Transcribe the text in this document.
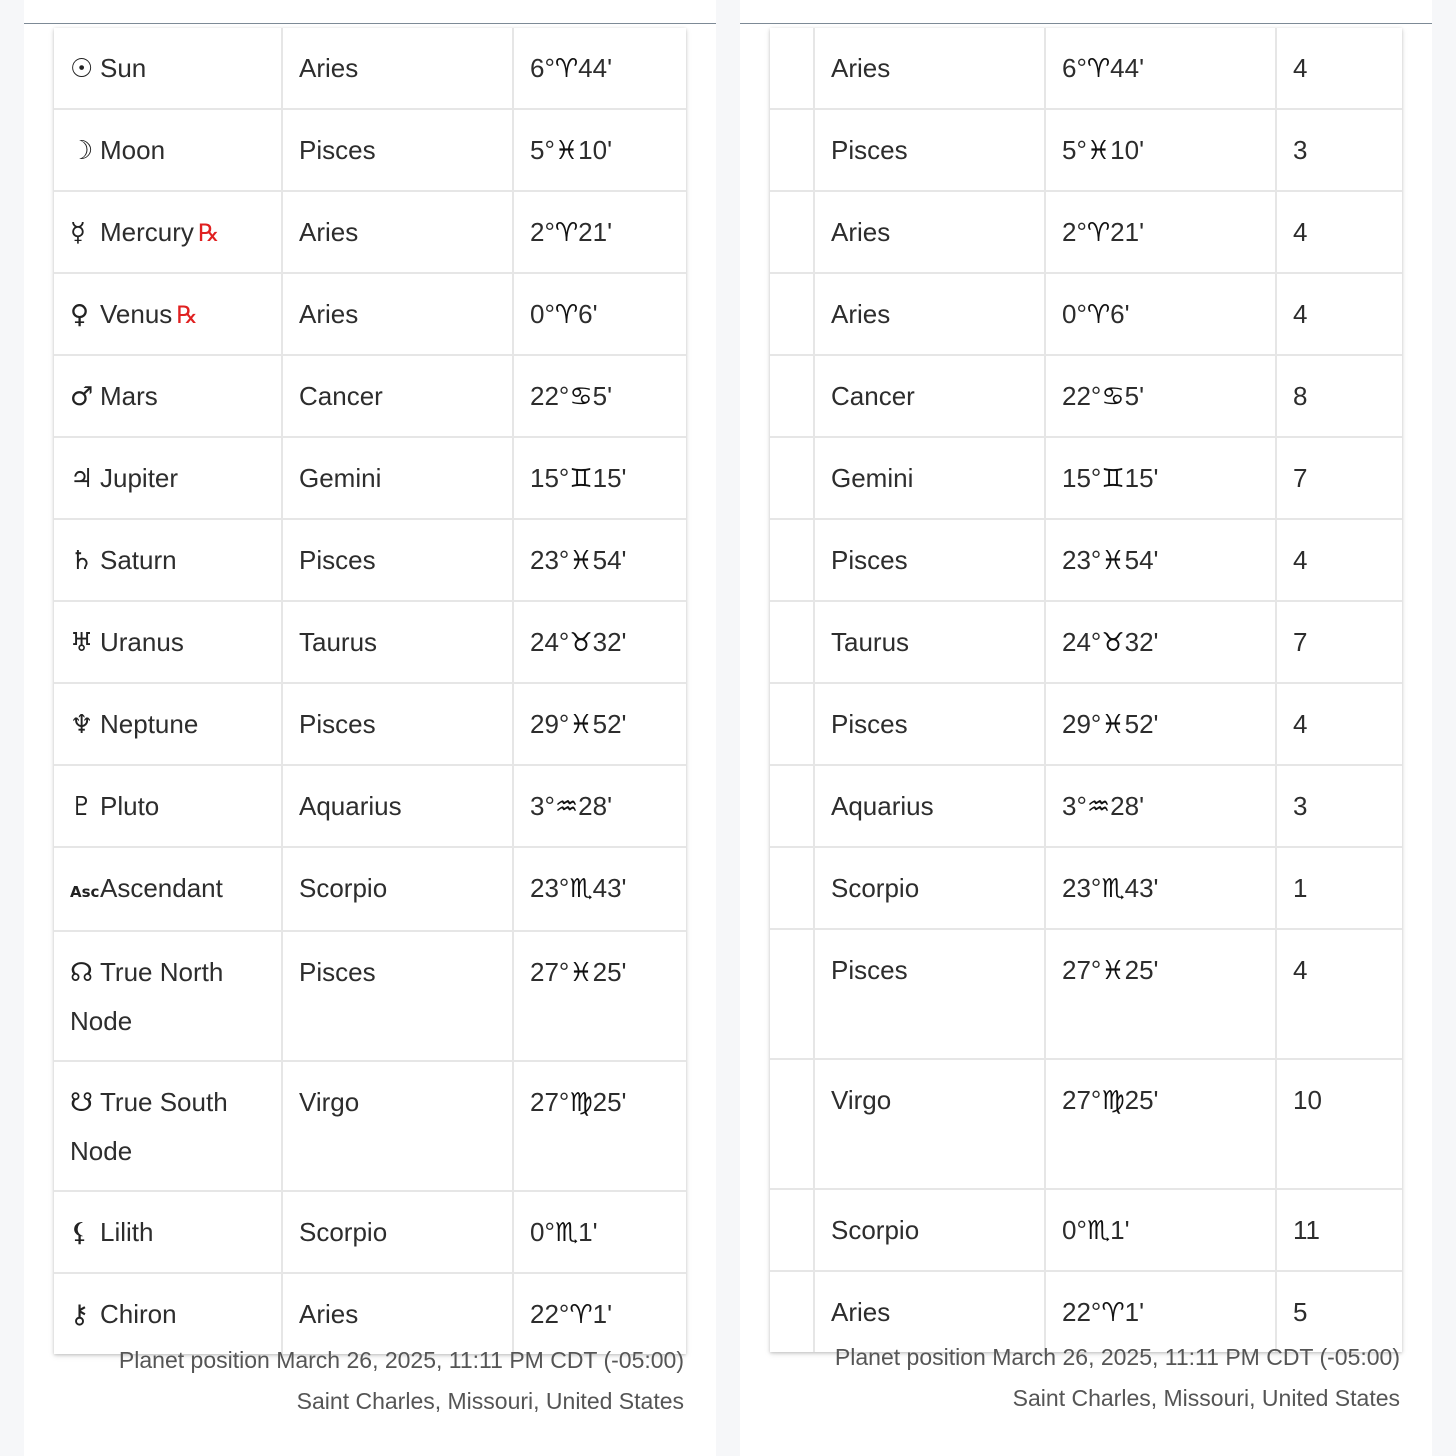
☉ Sun	Aries	6°♈44'
☽ Moon	Pisces	5°♓10'
☿ Mercury ℞	Aries	2°♈21'
♀ Venus ℞	Aries	0°♈6'
♂ Mars	Cancer	22°♋5'
♃ Jupiter	Gemini	15°♊15'
♄ Saturn	Pisces	23°♓54'
♅ Uranus	Taurus	24°♉32'
♆ Neptune	Pisces	29°♓52'
♇ Pluto	Aquarius	3°♒28'
AscAscendant	Scorpio	23°♏43'
☊ True North Node	Pisces	27°♓25'
☋ True South Node	Virgo	27°♍25'
⚸ Lilith	Scorpio	0°♏1'
⚷ Chiron	Aries	22°♈1'
Planet position March 26, 2025, 11:11 PM CDT (-05:00)
Saint Charles, Missouri, United States
	Aries	6°♈44'	4
	Pisces	5°♓10'	3
	Aries	2°♈21'	4
	Aries	0°♈6'	4
	Cancer	22°♋5'	8
	Gemini	15°♊15'	7
	Pisces	23°♓54'	4
	Taurus	24°♉32'	7
	Pisces	29°♓52'	4
	Aquarius	3°♒28'	3
	Scorpio	23°♏43'	1
	Pisces	27°♓25'	4
	Virgo	27°♍25'	10
	Scorpio	0°♏1'	11
	Aries	22°♈1'	5
Planet position March 26, 2025, 11:11 PM CDT (-05:00)
Saint Charles, Missouri, United States
